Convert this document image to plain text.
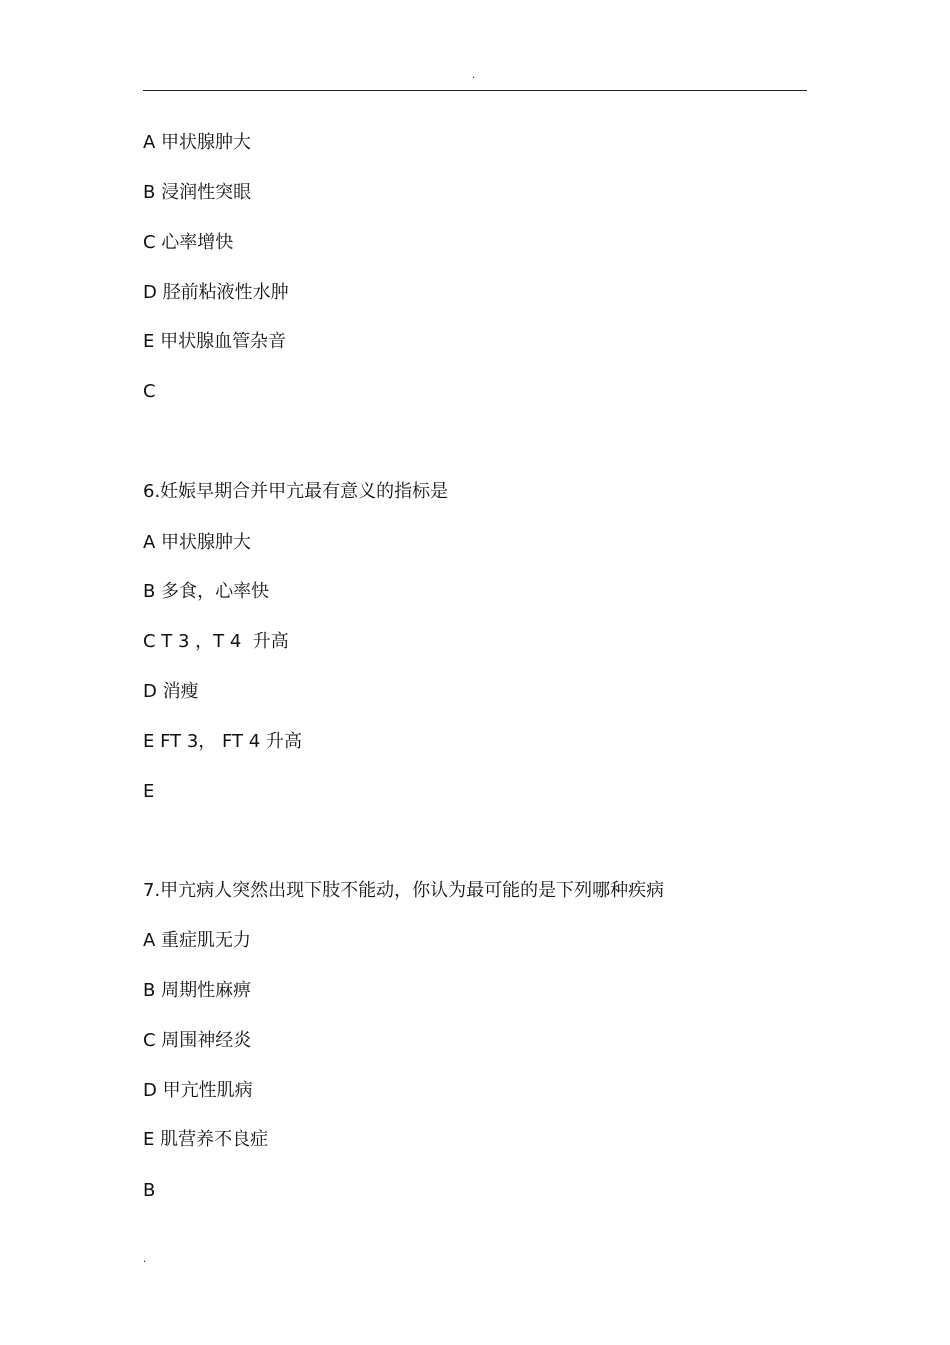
.
A 甲状腺肿大
B 浸润性突眼
C 心率增快
D 胫前粘液性水肿
E 甲状腺血管杂音
C
6.妊娠早期合并甲亢最有意义的指标是
A 甲状腺肿大
B 多食，心率快
C T 3 ，T 4  升高
D 消瘦
E FT 3， FT 4 升高
E
7.甲亢病人突然出现下肢不能动，你认为最可能的是下列哪种疾病
A 重症肌无力
B 周期性麻痹
C 周围神经炎
D 甲亢性肌病
E 肌营养不良症
B
.
